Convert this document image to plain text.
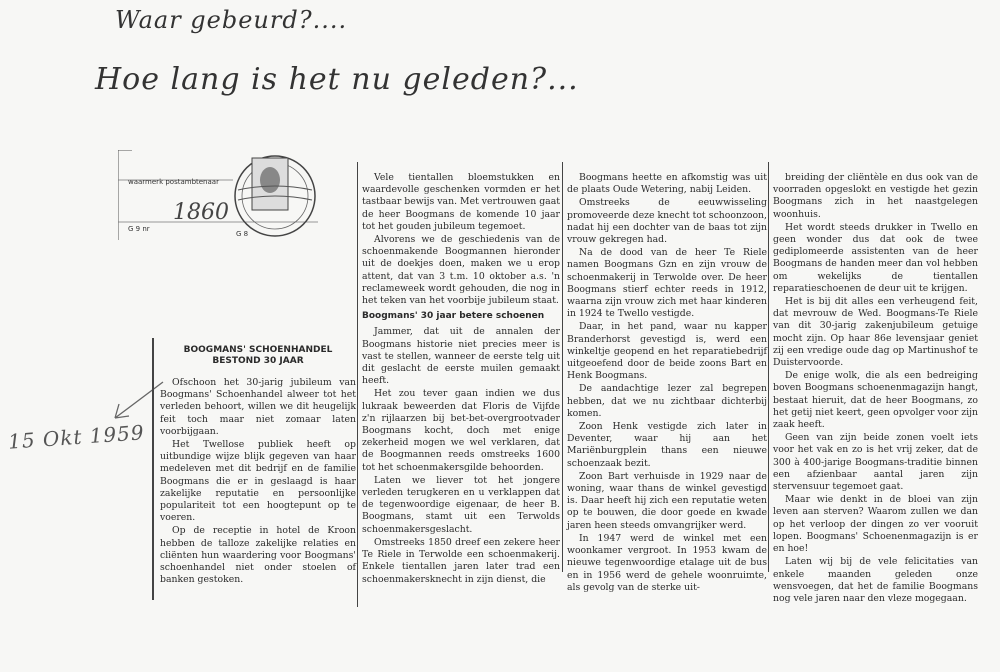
Waar gebeurd?....
Hoe lang is het nu geleden?...
waarmerk postambtenaar
G 9 nr
1860
G 8
15 Okt 1959
BOOGMANS' SCHOENHANDEL BESTOND 30 JAAR

Ofschoon het 30-jarig jubileum van Boogmans' Schoenhandel alweer tot het verleden behoort, willen we dit heugelijk feit toch maar niet zomaar laten voorbijgaan.

Het Twellose publiek heeft op uitbundige wijze blijk gegeven van haar medeleven met dit bedrijf en de familie Boogmans die er in geslaagd is haar zakelijke reputatie en persoonlijke populariteit tot een hoogtepunt op te voeren.

Op de receptie in hotel de Kroon hebben de talloze zakelijke relaties en cliënten hun waardering voor Boogmans' schoenhandel niet onder stoelen of banken gestoken.

Vele tientallen bloemstukken en waardevolle geschenken vormden er het tastbaar bewijs van. Met vertrouwen gaat de heer Boogmans de komende 10 jaar tot het gouden jubileum tegemoet.

Alvorens we de geschiedenis van de schoenmakende Boogmannen hieronder uit de doekjes doen, maken we u erop attent, dat van 3 t.m. 10 oktober a.s. 'n reclameweek wordt gehouden, die nog in het teken van het voorbije jubileum staat.

Boogmans' 30 jaar betere schoenen

Jammer, dat uit de annalen der Boogmans historie niet precies meer is vast te stellen, wanneer de eerste telg uit dit geslacht de eerste muilen gemaakt heeft.

Het zou tever gaan indien we dus lukraak beweerden dat Floris de Vijfde z'n rijlaarzen bij bet-bet-overgrootvader Boogmans kocht, doch met enige zekerheid mogen we wel verklaren, dat de Boogmannen reeds omstreeks 1600 tot het schoenmakersgilde behoorden.

Laten we liever tot het jongere verleden terugkeren en u verklappen dat de tegenwoordige eigenaar, de heer B. Boogmans, stamt uit een Terwolds schoenmakersgeslacht.

Omstreeks 1850 dreef een zekere heer Te Riele in Terwolde een schoenmakerij. Enkele tientallen jaren later trad een schoenmakersknecht in zijn dienst, die

Boogmans heette en afkomstig was uit de plaats Oude Wetering, nabij Leiden.

Omstreeks de eeuwwisseling promoveerde deze knecht tot schoonzoon, nadat hij een dochter van de baas tot zijn vrouw gekregen had.

Na de dood van de heer Te Riele namen Boogmans Gzn en zijn vrouw de schoenmakerij in Terwolde over. De heer Boogmans stierf echter reeds in 1912, waarna zijn vrouw zich met haar kinderen in 1924 te Twello vestigde.

Daar, in het pand, waar nu kapper Branderhorst gevestigd is, werd een winkeltje geopend en het reparatiebedrijf uitgeoefend door de beide zoons Bart en Henk Boogmans.

De aandachtige lezer zal begrepen hebben, dat we nu zichtbaar dichterbij komen.

Zoon Henk vestigde zich later in Deventer, waar hij aan het Mariënburgplein thans een nieuwe schoenzaak bezit.

Zoon Bart verhuisde in 1929 naar de woning, waar thans de winkel gevestigd is. Daar heeft hij zich een reputatie weten op te bouwen, die door goede en kwade jaren heen steeds omvangrijker werd.

In 1947 werd de winkel met een woonkamer vergroot. In 1953 kwam de nieuwe tegenwoordige etalage uit de bus en in 1956 werd de gehele woonruimte, als gevolg van de sterke uit-

breiding der cliëntèle en dus ook van de voorraden opgeslokt en vestigde het gezin Boogmans zich in het naastgelegen woonhuis.

Het wordt steeds drukker in Twello en geen wonder dus dat ook de twee gediplomeerde assistenten van de heer Boogmans de handen meer dan vol hebben om wekelijks de tientallen reparatieschoenen de deur uit te krijgen.

Het is bij dit alles een verheugend feit, dat mevrouw de Wed. Boogmans-Te Riele van dit 30-jarig zakenjubileum getuige mocht zijn. Op haar 86e levensjaar geniet zij een vredige oude dag op Martinushof te Duistervoorde.

De enige wolk, die als een bedreiging boven Boogmans schoenenmagazijn hangt, bestaat hieruit, dat de heer Boogmans, zo het getij niet keert, geen opvolger voor zijn zaak heeft.

Geen van zijn beide zonen voelt iets voor het vak en zo is het vrij zeker, dat de 300 à 400-jarige Boogmans-traditie binnen een afzienbaar aantal jaren zijn stervensuur tegemoet gaat.

Maar wie denkt in de bloei van zijn leven aan sterven? Waarom zullen we dan op het verloop der dingen zo ver vooruit lopen. Boogmans' Schoenenmagazijn is er en hoe!

Laten wij bij de vele felicitaties van enkele maanden geleden onze wensvoegen, dat het de familie Boogmans nog vele jaren naar den vleze mogegaan.
